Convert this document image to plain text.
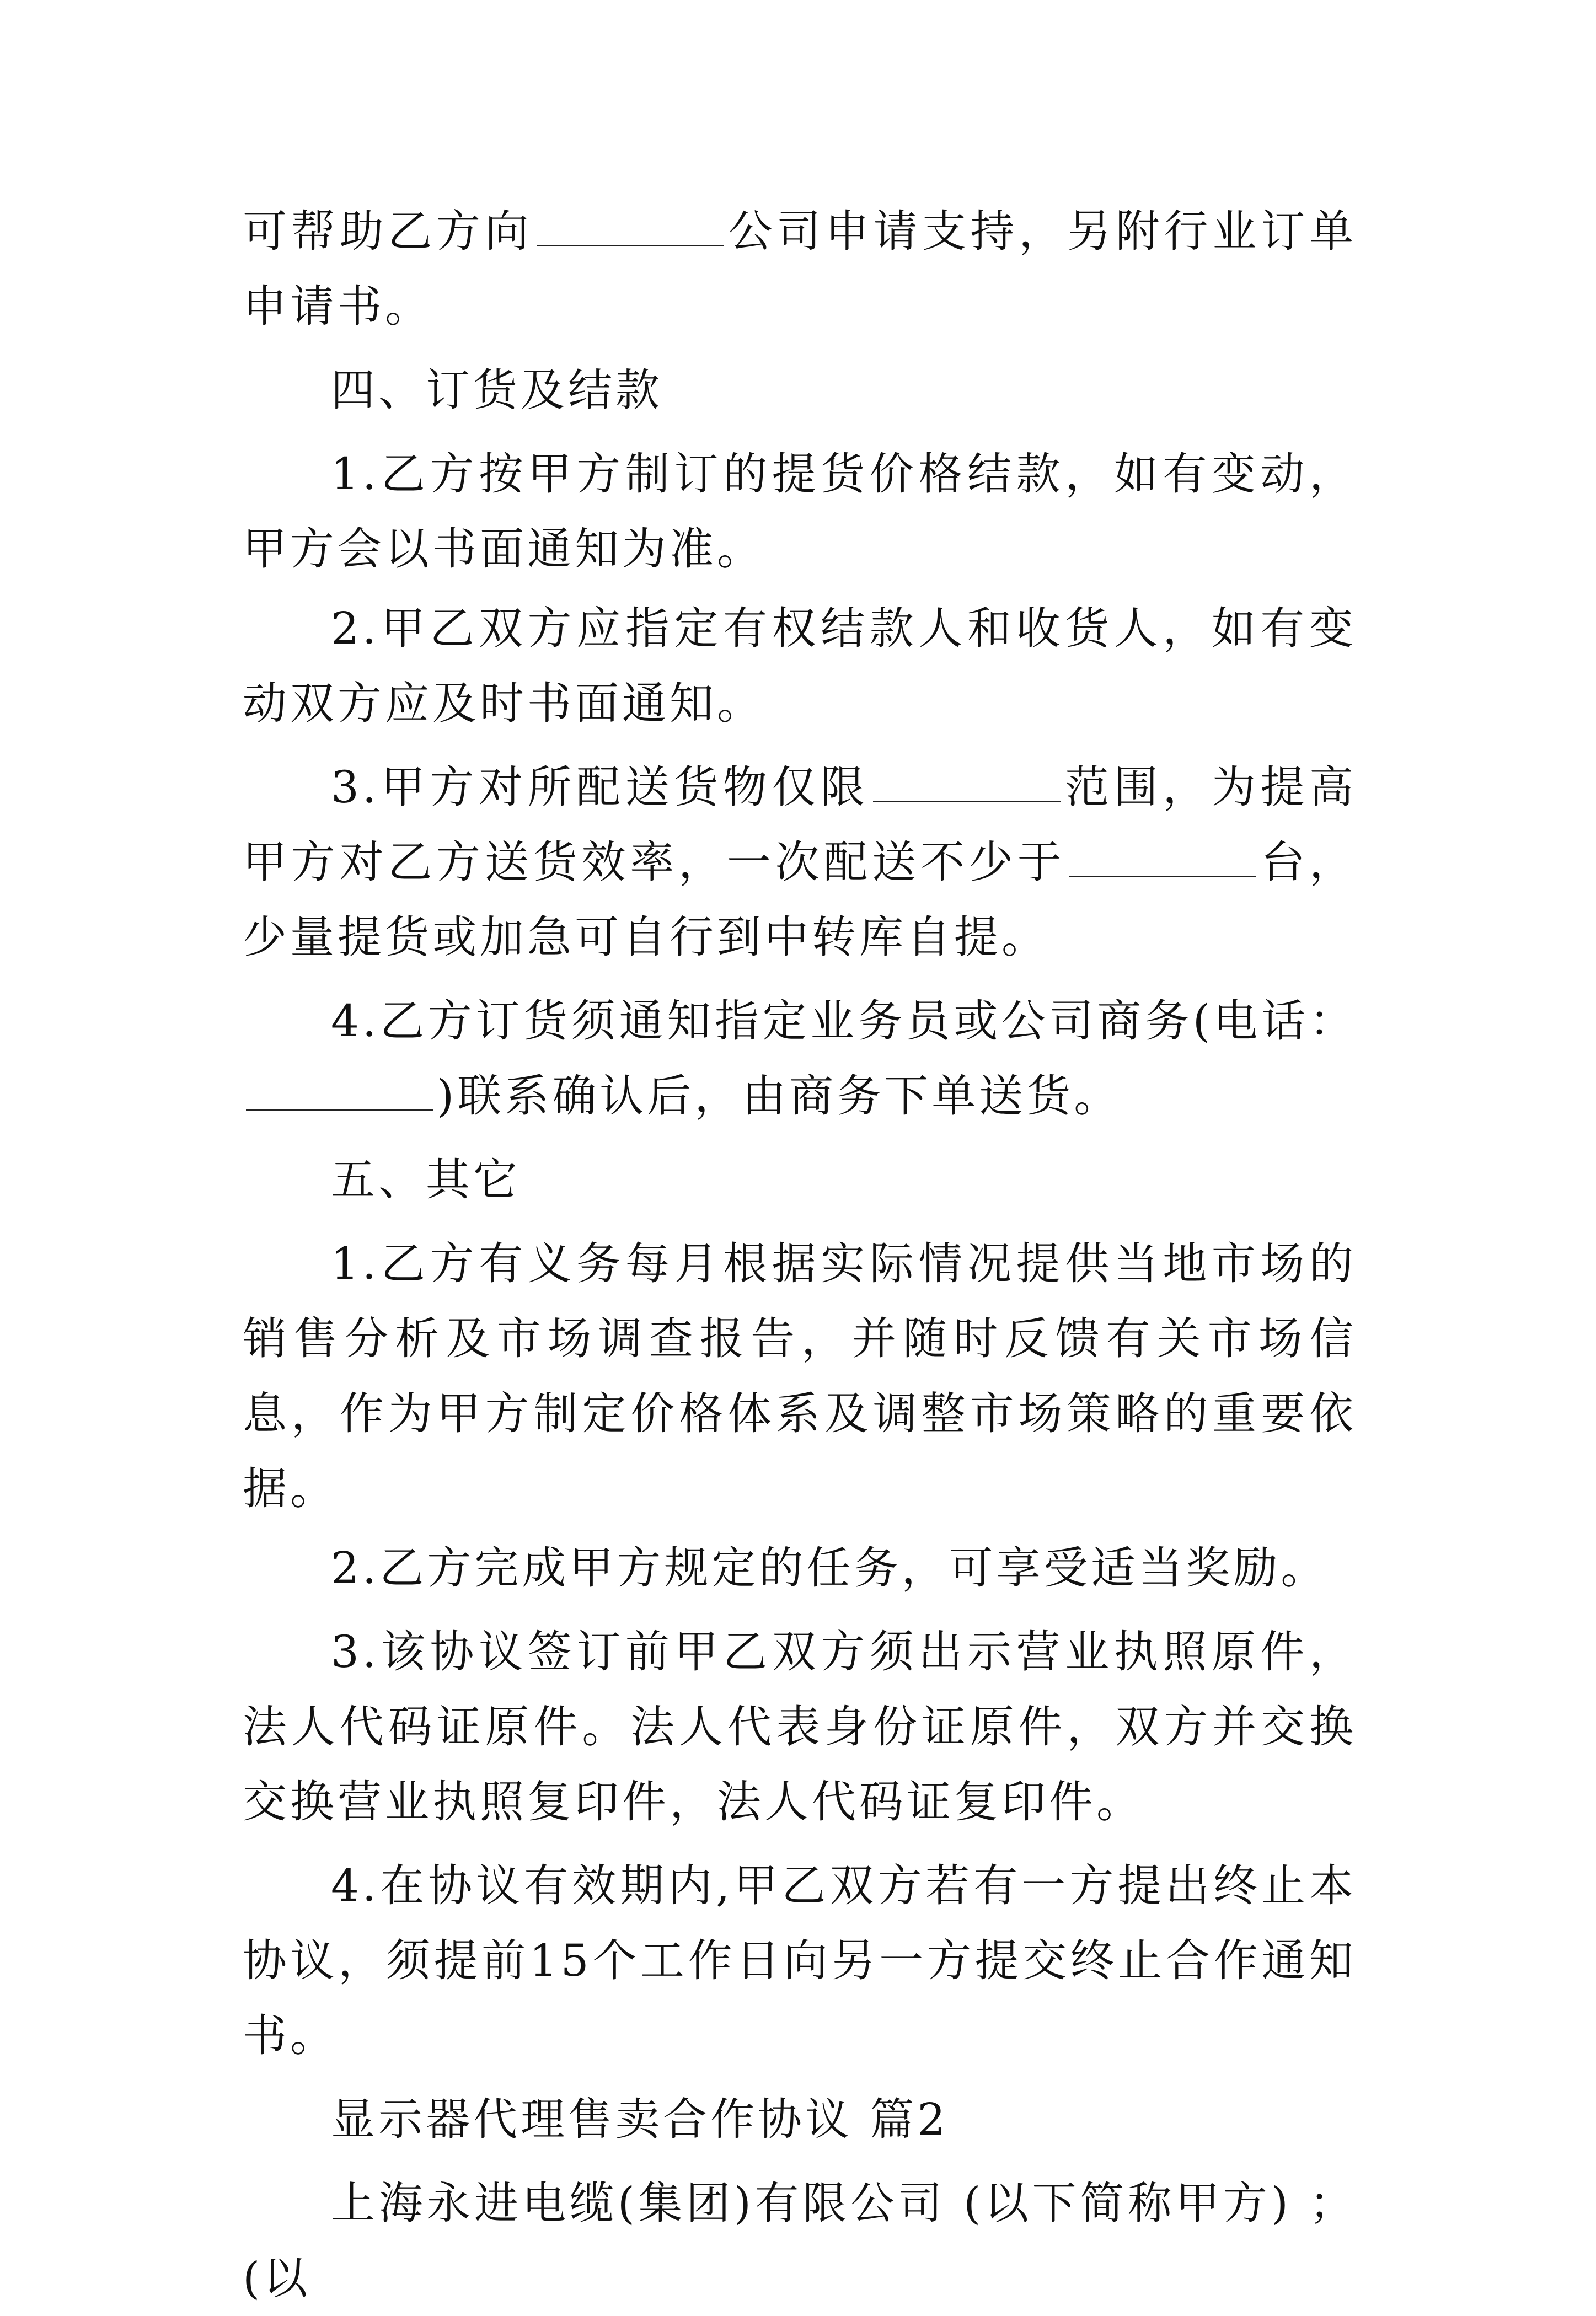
可帮助乙方向	公司申请支持，另附行业订单申请书。

四、订货及结款

1.乙方按甲方制订的提货价格结款，如有变动，甲方会以书面通知为准。

2.甲乙双方应指定有权结款人和收货人，如有变动双方应及时书面通知。

3.甲方对所配送货物仅限	范围，为提高甲方对乙方送货效率，一次配送不少于	台，少量提货或加急可自行到中转库自提。

4.乙方订货须通知指定业务员或公司商务(电话：)联系确认后，由商务下单送货。

五、其它

1.乙方有义务每月根据实际情况提供当地市场的销售分析及市场调查报告，并随时反馈有关市场信息，作为甲方制定价格体系及调整市场策略的重要依据。

2.乙方完成甲方规定的任务，可享受适当奖励。

3.该协议签订前甲乙双方须出示营业执照原件，法人代码证原件。法人代表身份证原件，双方并交换交换营业执照复印件，法人代码证复印件。

4.在协议有效期内,甲乙双方若有一方提出终止本协议，须提前15个工作日向另一方提交终止合作通知书。

显示器代理售卖合作协议 篇2

上海永进电缆(集团)有限公司 (以下简称甲方) ；(以
